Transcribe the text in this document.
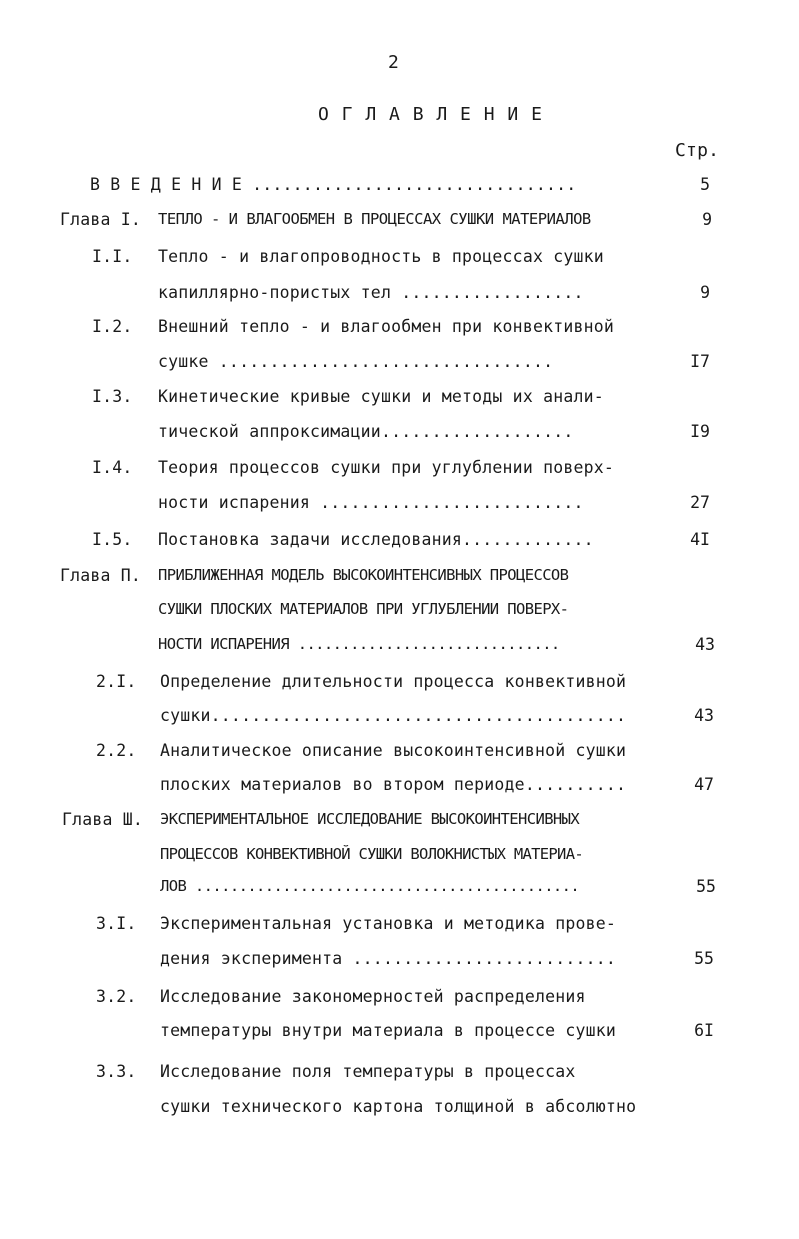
2
О Г Л А В Л Е Н И Е
Стр.
В В Е Д Е Н И Е ................................	5
Глава I. ТЕПЛО - И ВЛАГООБМЕН В ПРОЦЕССАХ СУШКИ МАТЕРИАЛОВ	9
I.I. Тепло - и влагопроводность в процессах сушки
капиллярно-пористых тел ..................	9
I.2. Внешний тепло - и влагообмен при конвективной
сушке .................................	I7
I.3. Кинетические кривые сушки и методы их анали-
тической аппроксимации...................	I9
I.4. Теория процессов сушки при углублении поверх-
ности испарения ..........................	27
I.5. Постановка задачи исследования.............	4I
Глава П. ПРИБЛИЖЕННАЯ МОДЕЛЬ ВЫСОКОИНТЕНСИВНЫХ ПРОЦЕССОВ
СУШКИ ПЛОСКИХ МАТЕРИАЛОВ ПРИ УГЛУБЛЕНИИ ПОВЕРХ-
НОСТИ ИСПАРЕНИЯ ..............................	43
2.I. Определение длительности процесса конвективной
сушки.........................................	43
2.2. Аналитическое описание высокоинтенсивной сушки
плоских материалов во втором периоде..........	47
Глава Ш. ЭКСПЕРИМЕНТАЛЬНОЕ ИССЛЕДОВАНИЕ ВЫСОКОИНТЕНСИВНЫХ
ПРОЦЕССОВ КОНВЕКТИВНОЙ СУШКИ ВОЛОКНИСТЫХ МАТЕРИА-
ЛОВ ............................................	55
3.I. Экспериментальная установка и методика прове-
дения эксперимента ..........................	55
3.2. Исследование закономерностей распределения
температуры внутри материала в процессе сушки	6I
3.3. Исследование поля температуры в процессах
сушки технического картона толщиной в абсолютно
